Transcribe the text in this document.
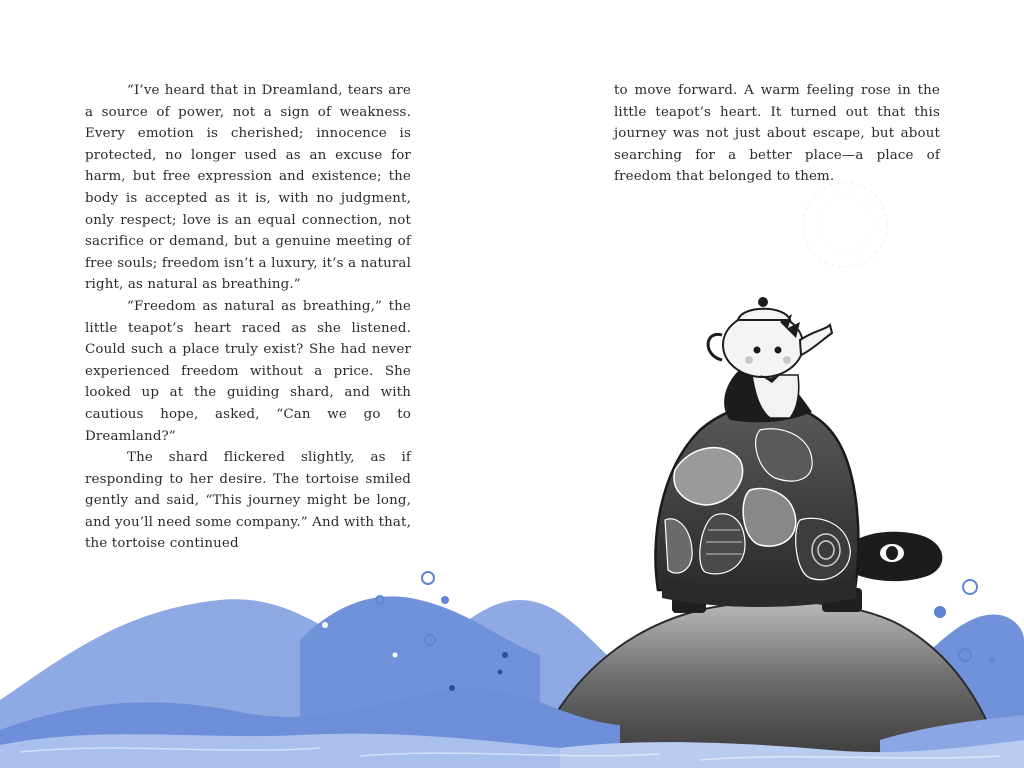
“I’ve heard that in Dreamland, tears are a source of power, not a sign of weakness. Every emotion is cherished; innocence is protected, no longer used as an excuse for harm, but free expression and existence; the body is accepted as it is, with no judgment, only respect; love is an equal connection, not sacrifice or demand, but a genuine meeting of free souls; freedom isn’t a luxury, it’s a natural right, as natural as breathing.”

“Freedom as natural as breathing,” the little teapot’s heart raced as she listened. Could such a place truly exist? She had never experienced freedom without a price. She looked up at the guiding shard, and with cautious hope, asked, “Can we go to Dreamland?”

The shard flickered slightly, as if responding to her desire. The tortoise smiled gently and said, “This journey might be long, and you’ll need some company.” And with that, the tortoise continued

to move forward. A warm feeling rose in the little teapot’s heart. It turned out that this journey was not just about escape, but about searching for a better place—a place of freedom that belonged to them.
